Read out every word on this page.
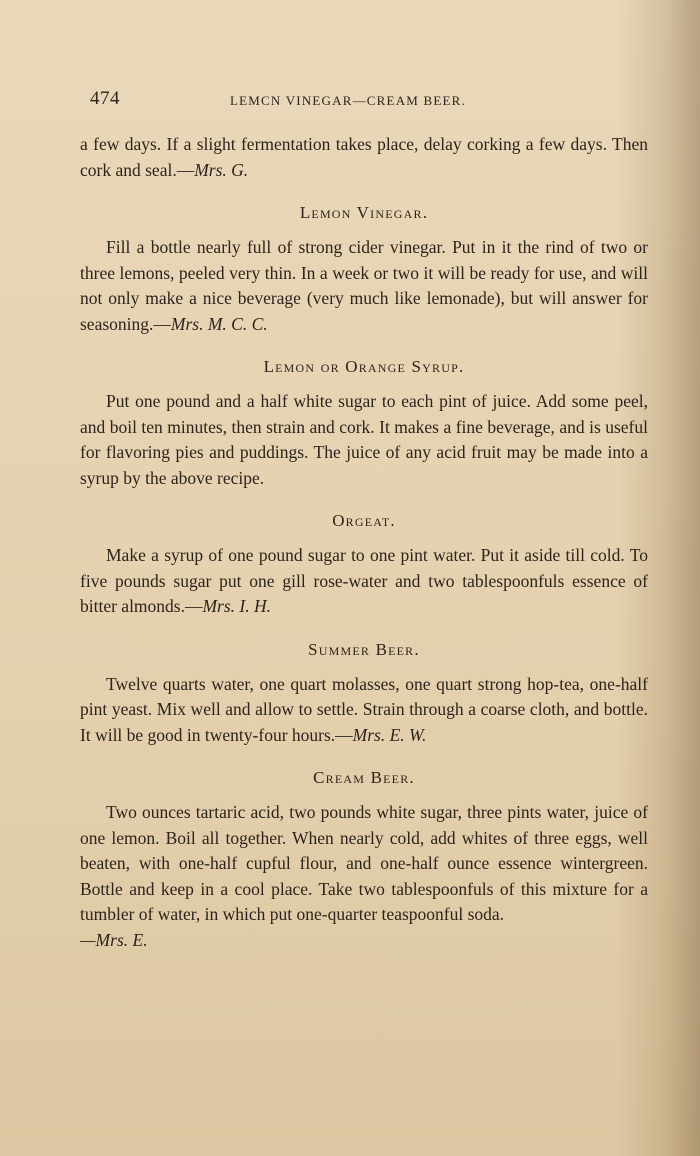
474	LEMCN VINEGAR—CREAM BEER.

a few days. If a slight fermentation takes place, delay corking a few days. Then cork and seal.—Mrs. G.

Lemon Vinegar.

Fill a bottle nearly full of strong cider vinegar. Put in it the rind of two or three lemons, peeled very thin. In a week or two it will be ready for use, and will not only make a nice beverage (very much like lemonade), but will answer for seasoning.—Mrs. M. C. C.

Lemon or Orange Syrup.

Put one pound and a half white sugar to each pint of juice. Add some peel, and boil ten minutes, then strain and cork. It makes a fine beverage, and is useful for flavoring pies and puddings. The juice of any acid fruit may be made into a syrup by the above recipe.

Orgeat.

Make a syrup of one pound sugar to one pint water. Put it aside till cold. To five pounds sugar put one gill rose-water and two tablespoonfuls essence of bitter almonds.—Mrs. I. H.

Summer Beer.

Twelve quarts water, one quart molasses, one quart strong hop-tea, one-half pint yeast. Mix well and allow to settle. Strain through a coarse cloth, and bottle. It will be good in twenty-four hours.—Mrs. E. W.

Cream Beer.

Two ounces tartaric acid, two pounds white sugar, three pints water, juice of one lemon. Boil all together. When nearly cold, add whites of three eggs, well beaten, with one-half cupful flour, and one-half ounce essence wintergreen. Bottle and keep in a cool place. Take two tablespoonfuls of this mixture for a tumbler of water, in which put one-quarter teaspoonful soda.

—Mrs. E.
